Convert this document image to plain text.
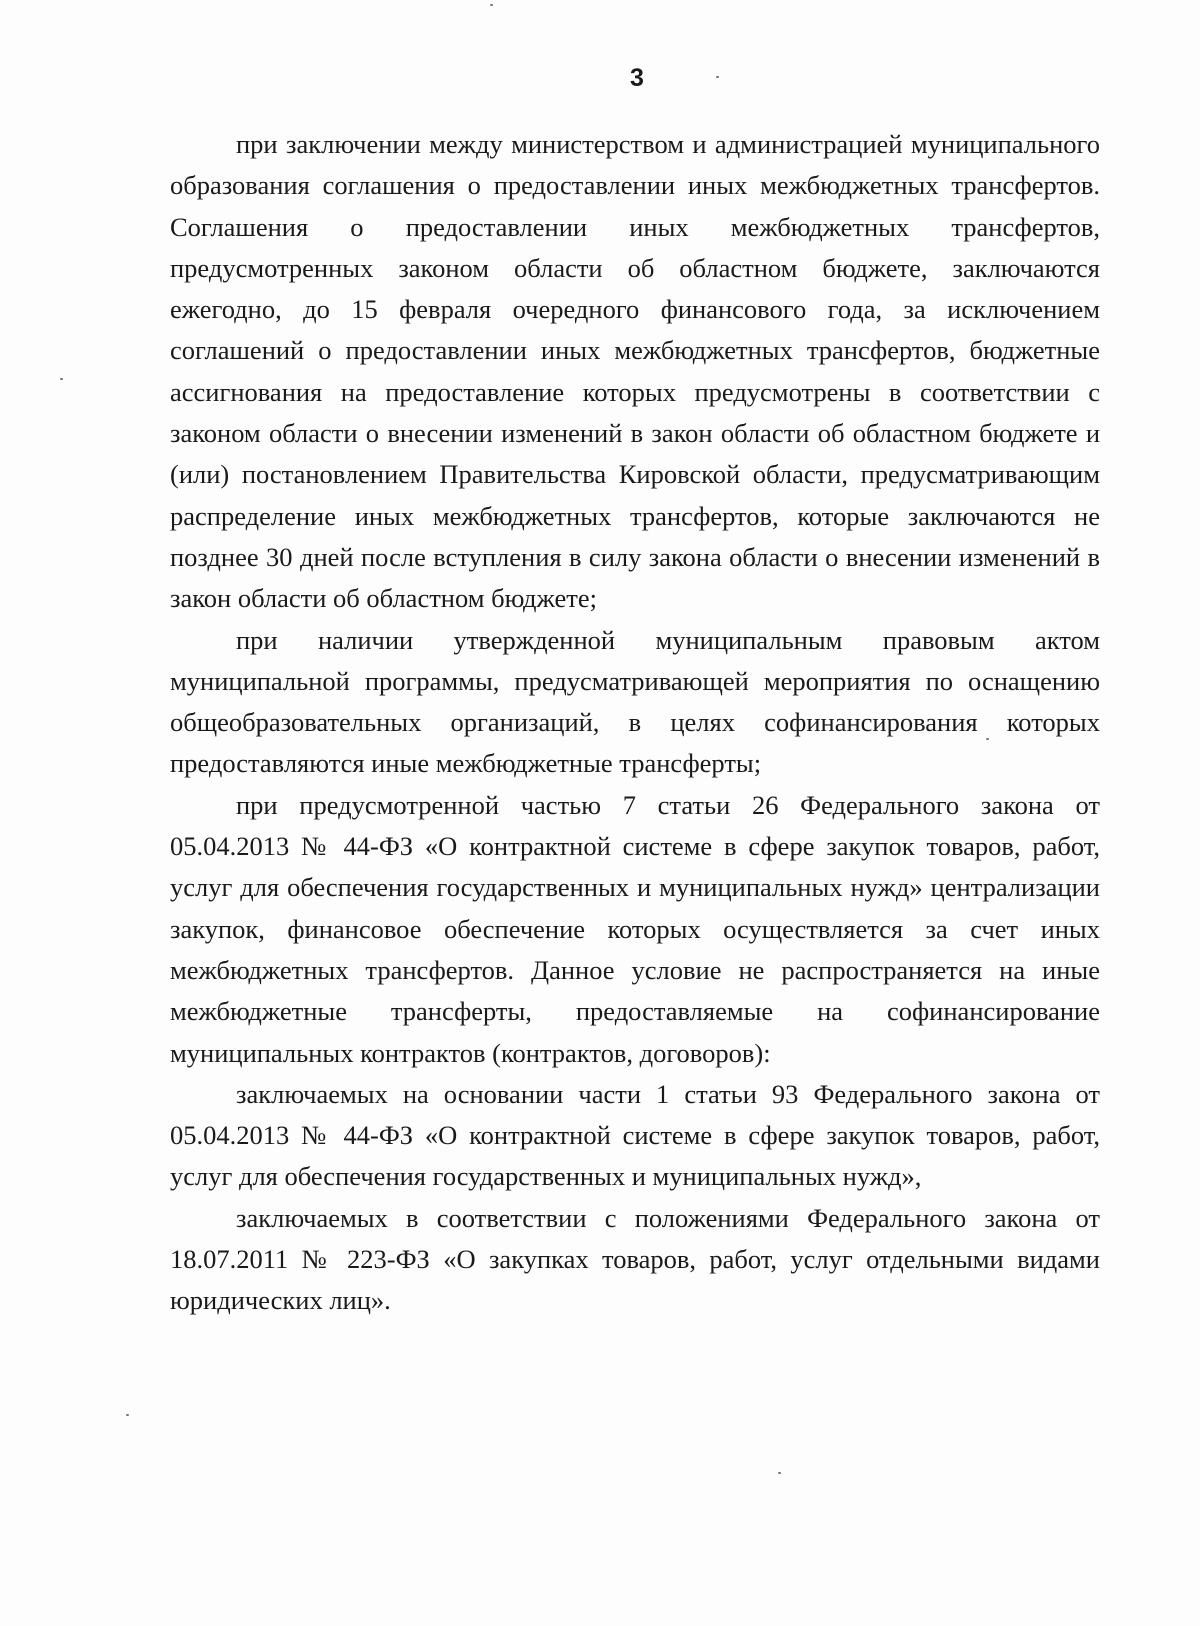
3

при заключении между министерством и администрацией муниципального образования соглашения о предоставлении иных межбюджетных трансфертов. Соглашения о предоставлении иных межбюджетных трансфертов, предусмотренных законом области об областном бюджете, заключаются ежегодно, до 15 февраля очередного финансового года, за исключением соглашений о предоставлении иных межбюджетных трансфертов, бюджетные ассигнования на предоставление которых предусмотрены в соответствии с законом области о внесении изменений в закон области об областном бюджете и (или) постановлением Правительства Кировской области, предусматривающим распределение иных межбюджетных трансфертов, которые заключаются не позднее 30 дней после вступления в силу закона области о внесении изменений в закон области об областном бюджете;

при наличии утвержденной муниципальным правовым актом муниципальной программы, предусматривающей мероприятия по оснащению общеобразовательных организаций, в целях софинансирования которых предоставляются иные межбюджетные трансферты;

при предусмотренной частью 7 статьи 26 Федерального закона от 05.04.2013 № 44-ФЗ «О контрактной системе в сфере закупок товаров, работ, услуг для обеспечения государственных и муниципальных нужд» централизации закупок, финансовое обеспечение которых осуществляется за счет иных межбюджетных трансфертов. Данное условие не распространяется на иные межбюджетные трансферты, предоставляемые на софинансирование муниципальных контрактов (контрактов, договоров):

заключаемых на основании части 1 статьи 93 Федерального закона от 05.04.2013 № 44-ФЗ «О контрактной системе в сфере закупок товаров, работ, услуг для обеспечения государственных и муниципальных нужд»,

заключаемых в соответствии с положениями Федерального закона от 18.07.2011 № 223-ФЗ «О закупках товаров, работ, услуг отдельными видами юридических лиц».
